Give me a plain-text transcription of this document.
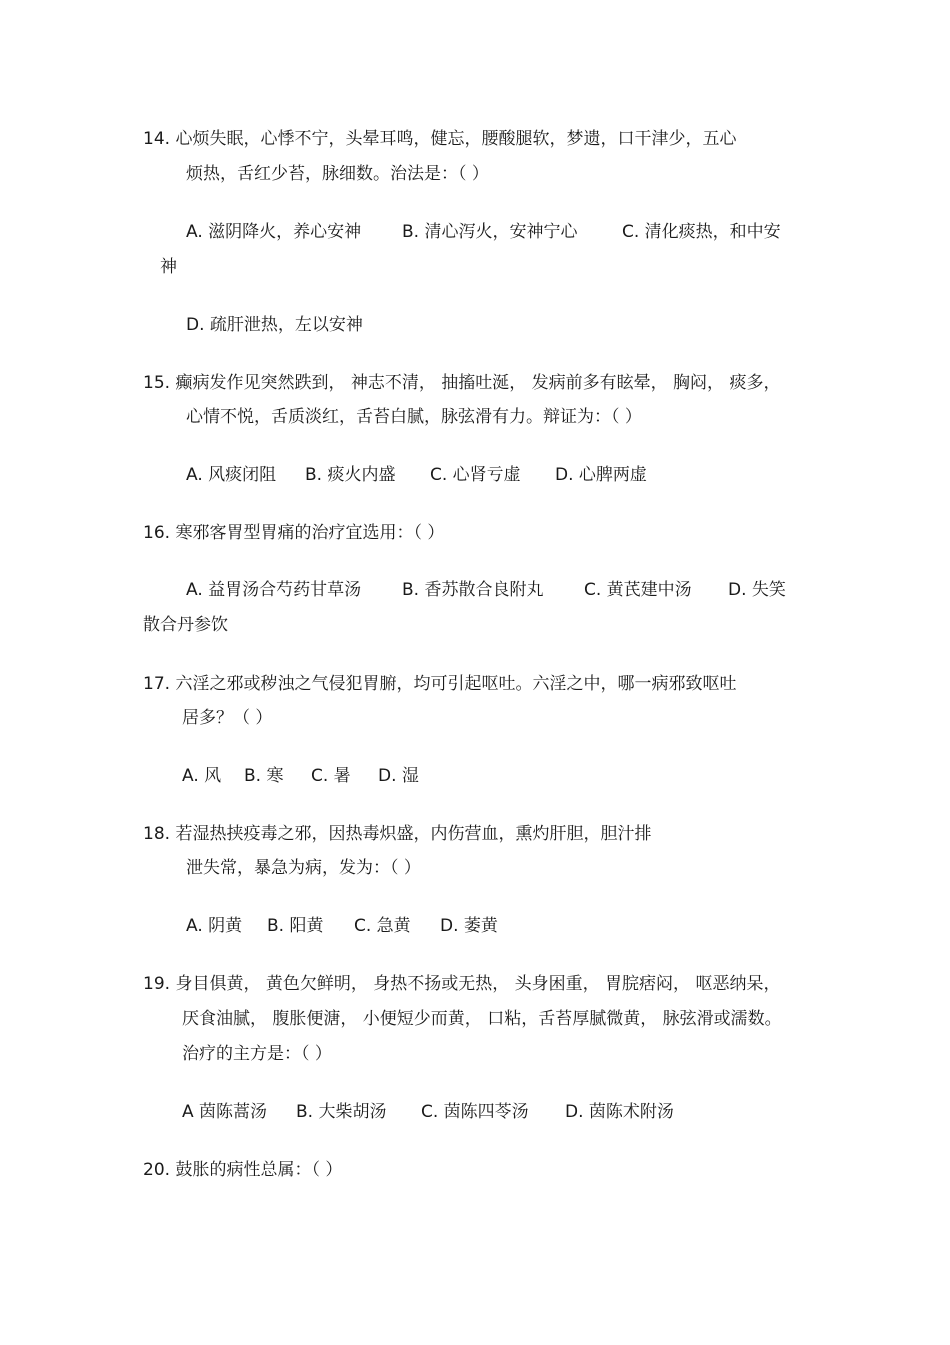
14. 心烦失眠，心悸不宁，头晕耳鸣，健忘，腰酸腿软，梦遗，口干津少，五心
烦热，舌红少苔，脉细数。治法是：（ ）
A. 滋阴降火，养心安神 B. 清心泻火，安神宁心	C. 清化痰热，和中安
神
D. 疏肝泄热，左以安神
15. 癫病发作见突然跌到， 神志不清， 抽搐吐涎， 发病前多有眩晕， 胸闷， 痰多，
心情不悦，舌质淡红，舌苔白腻，脉弦滑有力。辩证为：（ ）
A. 风痰闭阻 B. 痰火内盛 C. 心肾亏虚 D. 心脾两虚
16. 寒邪客胃型胃痛的治疗宜选用：（ ）
A. 益胃汤合芍药甘草汤 B. 香苏散合良附丸 C. 黄芪建中汤 D. 失笑
散合丹参饮
17. 六淫之邪或秽浊之气侵犯胃腑，均可引起呕吐。六淫之中，哪一病邪致呕吐
居多？（ ）
A. 风 B. 寒 C. 暑 D. 湿
18. 若湿热挟疫毒之邪，因热毒炽盛，内伤营血，熏灼肝胆，胆汁排
泄失常，暴急为病，发为：（ ）
A. 阴黄 B. 阳黄 C. 急黄 D. 萎黄
19. 身目俱黄， 黄色欠鲜明， 身热不扬或无热， 头身困重， 胃脘痞闷， 呕恶纳呆，
厌食油腻， 腹胀便溏， 小便短少而黄， 口粘，舌苔厚腻微黄， 脉弦滑或濡数。
治疗的主方是：（ ）
A 茵陈蒿汤 B. 大柴胡汤 C. 茵陈四苓汤 D. 茵陈术附汤
20. 鼓胀的病性总属：（ ）
